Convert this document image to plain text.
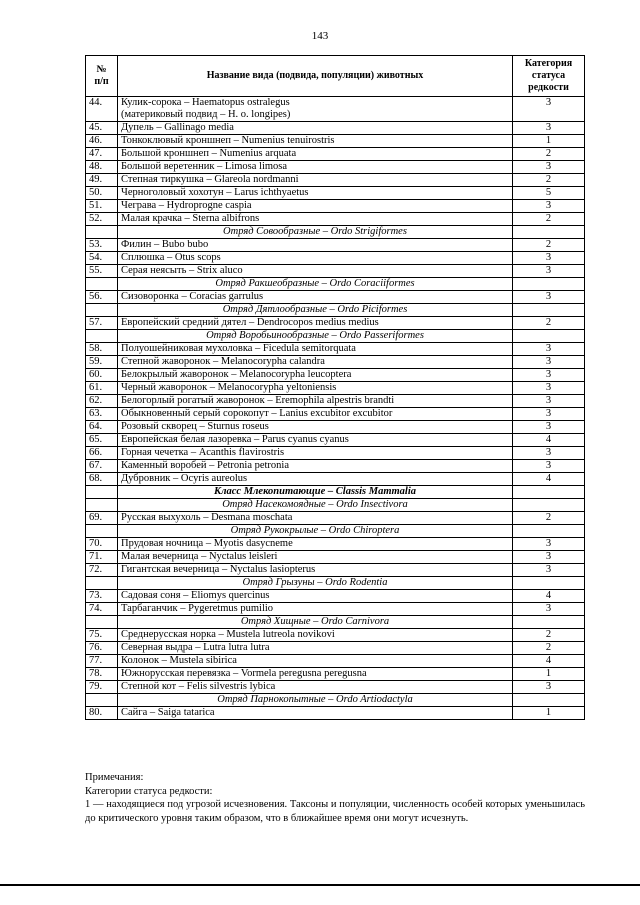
143
№
п/п	Название вида (подвида, популяции) животных	Категория
статуса
редкости
44.	Кулик-сорока – Haematopus ostralegus
(материковый подвид – H. o. longipes)	3
45.	Дупель – Gallinago media	3
46.	Тонкоклювый кроншнеп – Numenius tenuirostris	1
47.	Большой кроншнеп – Numenius arquata	2
48.	Большой веретенник – Limosa limosa	3
49.	Степная тиркушка – Glareola nordmanni	2
50.	Черноголовый хохотун – Larus ichthyaetus	5
51.	Чеграва – Hydroprogne caspia	3
52.	Малая крачка – Sterna albifrons	2
	Отряд Совообразные – Ordo Strigiformes	
53.	Филин – Bubo bubo	2
54.	Сплюшка – Otus scops	3
55.	Серая неясыть – Strix aluco	3
	Отряд Ракшеобразные – Ordo Coraciiformes	
56.	Сизоворонка – Coracias garrulus	3
	Отряд Дятлообразные – Ordo Piciformes	
57.	Европейский средний дятел – Dendrocopos medius medius	2
	Отряд Воробьинообразные – Ordo Passeriformes	
58.	Полуошейниковая мухоловка – Ficedula semitorquata	3
59.	Степной жаворонок – Melanocorypha calandra	3
60.	Белокрылый жаворонок – Melanocorypha leucoptera	3
61.	Черный жаворонок – Melanocorypha yeltoniensis	3
62.	Белогорлый рогатый жаворонок – Eremophila alpestris brandti	3
63.	Обыкновенный серый сорокопут – Lanius excubitor excubitor	3
64.	Розовый скворец – Sturnus roseus	3
65.	Европейская белая лазоревка – Parus cyanus cyanus	4
66.	Горная чечетка – Acanthis flavirostris	3
67.	Каменный воробей – Petronia petronia	3
68.	Дубровник – Ocyris aureolus	4
	Класс Млекопитающие – Classis Mammalia	
	Отряд Насекомоядные – Ordo Insectivora	
69.	Русская выхухоль – Desmana moschata	2
	Отряд Рукокрылые – Ordo Chiroptera	
70.	Прудовая ночница – Myotis dasycneme	3
71.	Малая вечерница – Nyctalus leisleri	3
72.	Гигантская вечерница – Nyctalus lasiopterus	3
	Отряд Грызуны – Ordo Rodentia	
73.	Садовая соня – Eliomys quercinus	4
74.	Тарбаганчик – Pygeretmus pumilio	3
	Отряд Хищные – Ordo Carnivora	
75.	Среднерусская норка – Mustela lutreola novikovi	2
76.	Северная выдра – Lutra lutra lutra	2
77.	Колонок – Mustela sibirica	4
78.	Южнорусская перевязка – Vormela peregusna peregusna	1
79.	Степной кот – Felis silvestris lybica	3
	Отряд Парнокопытные – Ordo Artiodactyla	
80.	Сайга – Saiga tatarica	1

Примечания:

Категории статуса редкости:

1 — находящиеся под угрозой исчезновения. Таксоны и популяции, численность особей которых уменьшилась до критического уровня таким образом, что в ближайшее время они могут исчезнуть.
